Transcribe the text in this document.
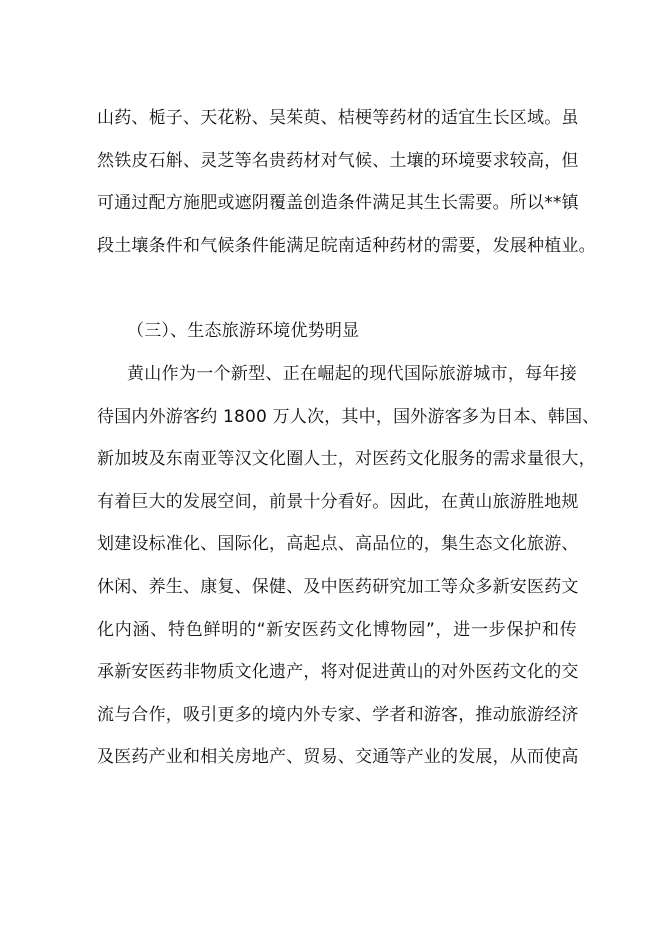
山药、栀子、天花粉、吴茱萸、桔梗等药材的适宜生长区域。虽
然铁皮石斛、灵芝等名贵药材对气候、土壤的环境要求较高，但
可通过配方施肥或遮阴覆盖创造条件满足其生长需要。所以**镇
段土壤条件和气候条件能满足皖南适种药材的需要，发展种植业。
（三）、生态旅游环境优势明显
黄山作为一个新型、正在崛起的现代国际旅游城市，每年接
待国内外游客约 1800 万人次，其中，国外游客多为日本、韩国、
新加坡及东南亚等汉文化圈人士，对医药文化服务的需求量很大，
有着巨大的发展空间，前景十分看好。因此，在黄山旅游胜地规
划建设标准化、国际化，高起点、高品位的，集生态文化旅游、
休闲、养生、康复、保健、及中医药研究加工等众多新安医药文
化内涵、特色鲜明的“新安医药文化博物园”，进一步保护和传
承新安医药非物质文化遗产，将对促进黄山的对外医药文化的交
流与合作，吸引更多的境内外专家、学者和游客，推动旅游经济
及医药产业和相关房地产、贸易、交通等产业的发展，从而使高
